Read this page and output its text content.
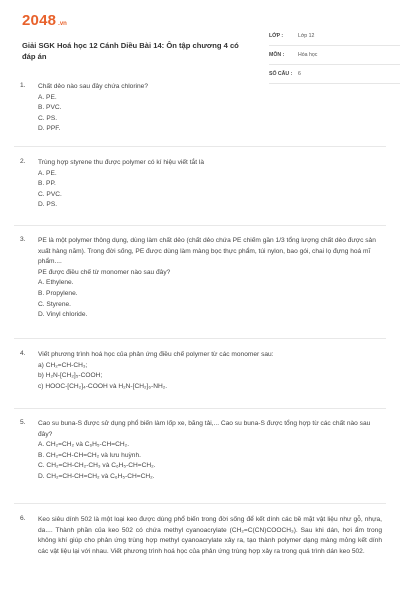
2048 .vn
Giải SGK Hoá học 12 Cánh Diều Bài 14: Ôn tập chương 4 có đáp án
LỚP :	Lớp 12
MÔN :	Hóa học
SỐ CÂU :	6
1. Chất dẻo nào sau đây chứa chlorine?

A. PE.

B. PVC.

C. PS.

D. PPF.

2. Trùng hợp styrene thu được polymer có kí hiệu viết tắt là

A. PE.

B. PP.

C. PVC.

D. PS.

3. PE là một polymer thông dụng, dùng làm chất dẻo (chất dẻo chứa PE chiếm gần 1/3 tổng lượng chất dẻo được sản xuất hàng năm). Trong đời sống, PE được dùng làm màng bọc thực phẩm, túi nylon, bao gói, chai lọ đựng hoá mĩ phẩm....

PE được điều chế từ monomer nào sau đây?

A. Ethylene.

B. Propylene.

C. Styrene.

D. Vinyl chloride.

4. Viết phương trình hoá học của phản ứng điều chế polymer từ các monomer sau:

a) CH₂=CH-CH₃;

b) H₂N-[CH₂]₅-COOH;

c) HOOC-[CH₂]₄-COOH và H₂N-[CH₂]₆-NH₂.

5. Cao su buna-S được sử dụng phổ biến làm lốp xe, băng tải,... Cao su buna-S được tổng hợp từ các chất nào sau đây?

A. CH₂=CH₂ và C₆H₅-CH=CH₂.

B. CH₂=CH-CH=CH₂ và lưu huỳnh.

C. CH₂=CH-CH₂-CH₃ và C₆H₅-CH=CH₂.

D. CH₂=CH-CH=CH₂ và C₆H₅-CH=CH₂.

6. Keo siêu dính 502 là một loại keo được dùng phổ biến trong đời sống để kết dính các bề mặt vật liệu như gỗ, nhựa, da.... Thành phần của keo 502 có chứa methyl cyanoacrylate (CH₂=C(CN)COOCH₃). Sau khi dán, hơi ẩm trong không khí giúp cho phản ứng trùng hợp methyl cyanoacrylate xảy ra, tạo thành polymer dạng màng mỏng kết dính các vật liệu lại với nhau. Viết phương trình hoá học của phản ứng trùng hợp xảy ra trong quá trình dán keo 502.
